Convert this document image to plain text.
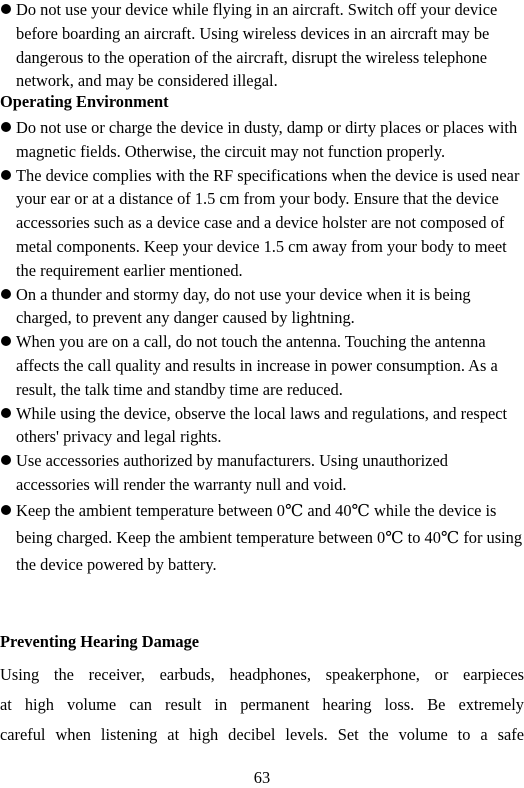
Do not use your device while flying in an aircraft. Switch off your device before boarding an aircraft. Using wireless devices in an aircraft may be dangerous to the operation of the aircraft, disrupt the wireless telephone network, and may be considered illegal.
Operating Environment
Do not use or charge the device in dusty, damp or dirty places or places with magnetic fields. Otherwise, the circuit may not function properly.
The device complies with the RF specifications when the device is used near your ear or at a distance of 1.5 cm from your body. Ensure that the device accessories such as a device case and a device holster are not composed of metal components. Keep your device 1.5 cm away from your body to meet the requirement earlier mentioned.
On a thunder and stormy day, do not use your device when it is being charged, to prevent any danger caused by lightning.
When you are on a call, do not touch the antenna. Touching the antenna affects the call quality and results in increase in power consumption. As a result, the talk time and standby time are reduced.
While using the device, observe the local laws and regulations, and respect others' privacy and legal rights.
Use accessories authorized by manufacturers. Using unauthorized accessories will render the warranty null and void.
Keep the ambient temperature between 0℃ and 40℃ while the device is being charged. Keep the ambient temperature between 0℃ to 40℃ for using the device powered by battery.
Preventing Hearing Damage
Using the receiver, earbuds, headphones, speakerphone, or earpieces
at high volume can result in permanent hearing loss. Be extremely
careful when listening at high decibel levels. Set the volume to a safe
63
